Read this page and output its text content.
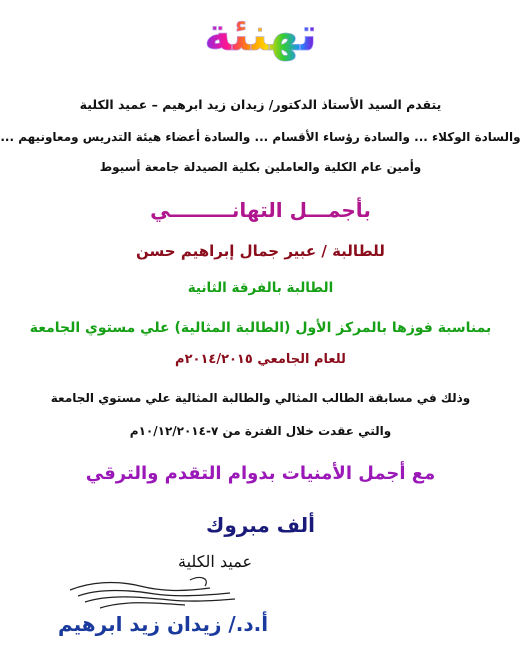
تهنئة
يتقدم السيد الأستاذ الدكتور/ زيدان زيد ابرهيم – عميد الكلية
والسادة الوكلاء ... والسادة رؤساء الأقسام ... والسادة أعضاء هيئة التدريس ومعاونيهم ...
وأمين عام الكلية والعاملين بكلية الصيدلة جامعة أسيوط
بأجمـــل التهانـــــــــي
للطالبة / عبير جمال إبراهيم حسن
الطالبة بالفرقة الثانية
بمناسبة فوزها بالمركز الأول (الطالبة المثالية) علي مستوي الجامعة
للعام الجامعي ٢٠١٤/٢٠١٥م
وذلك في مسابقة الطالب المثالي والطالبة المثالية علي مستوي الجامعة
والتي عقدت خلال الفترة من ٧-١٠/١٢/٢٠١٤م
مع أجمل الأمنيات بدوام التقدم والترقي
ألف مبروك
عميد الكلية
أ.د./ زيدان زيد ابرهيم
